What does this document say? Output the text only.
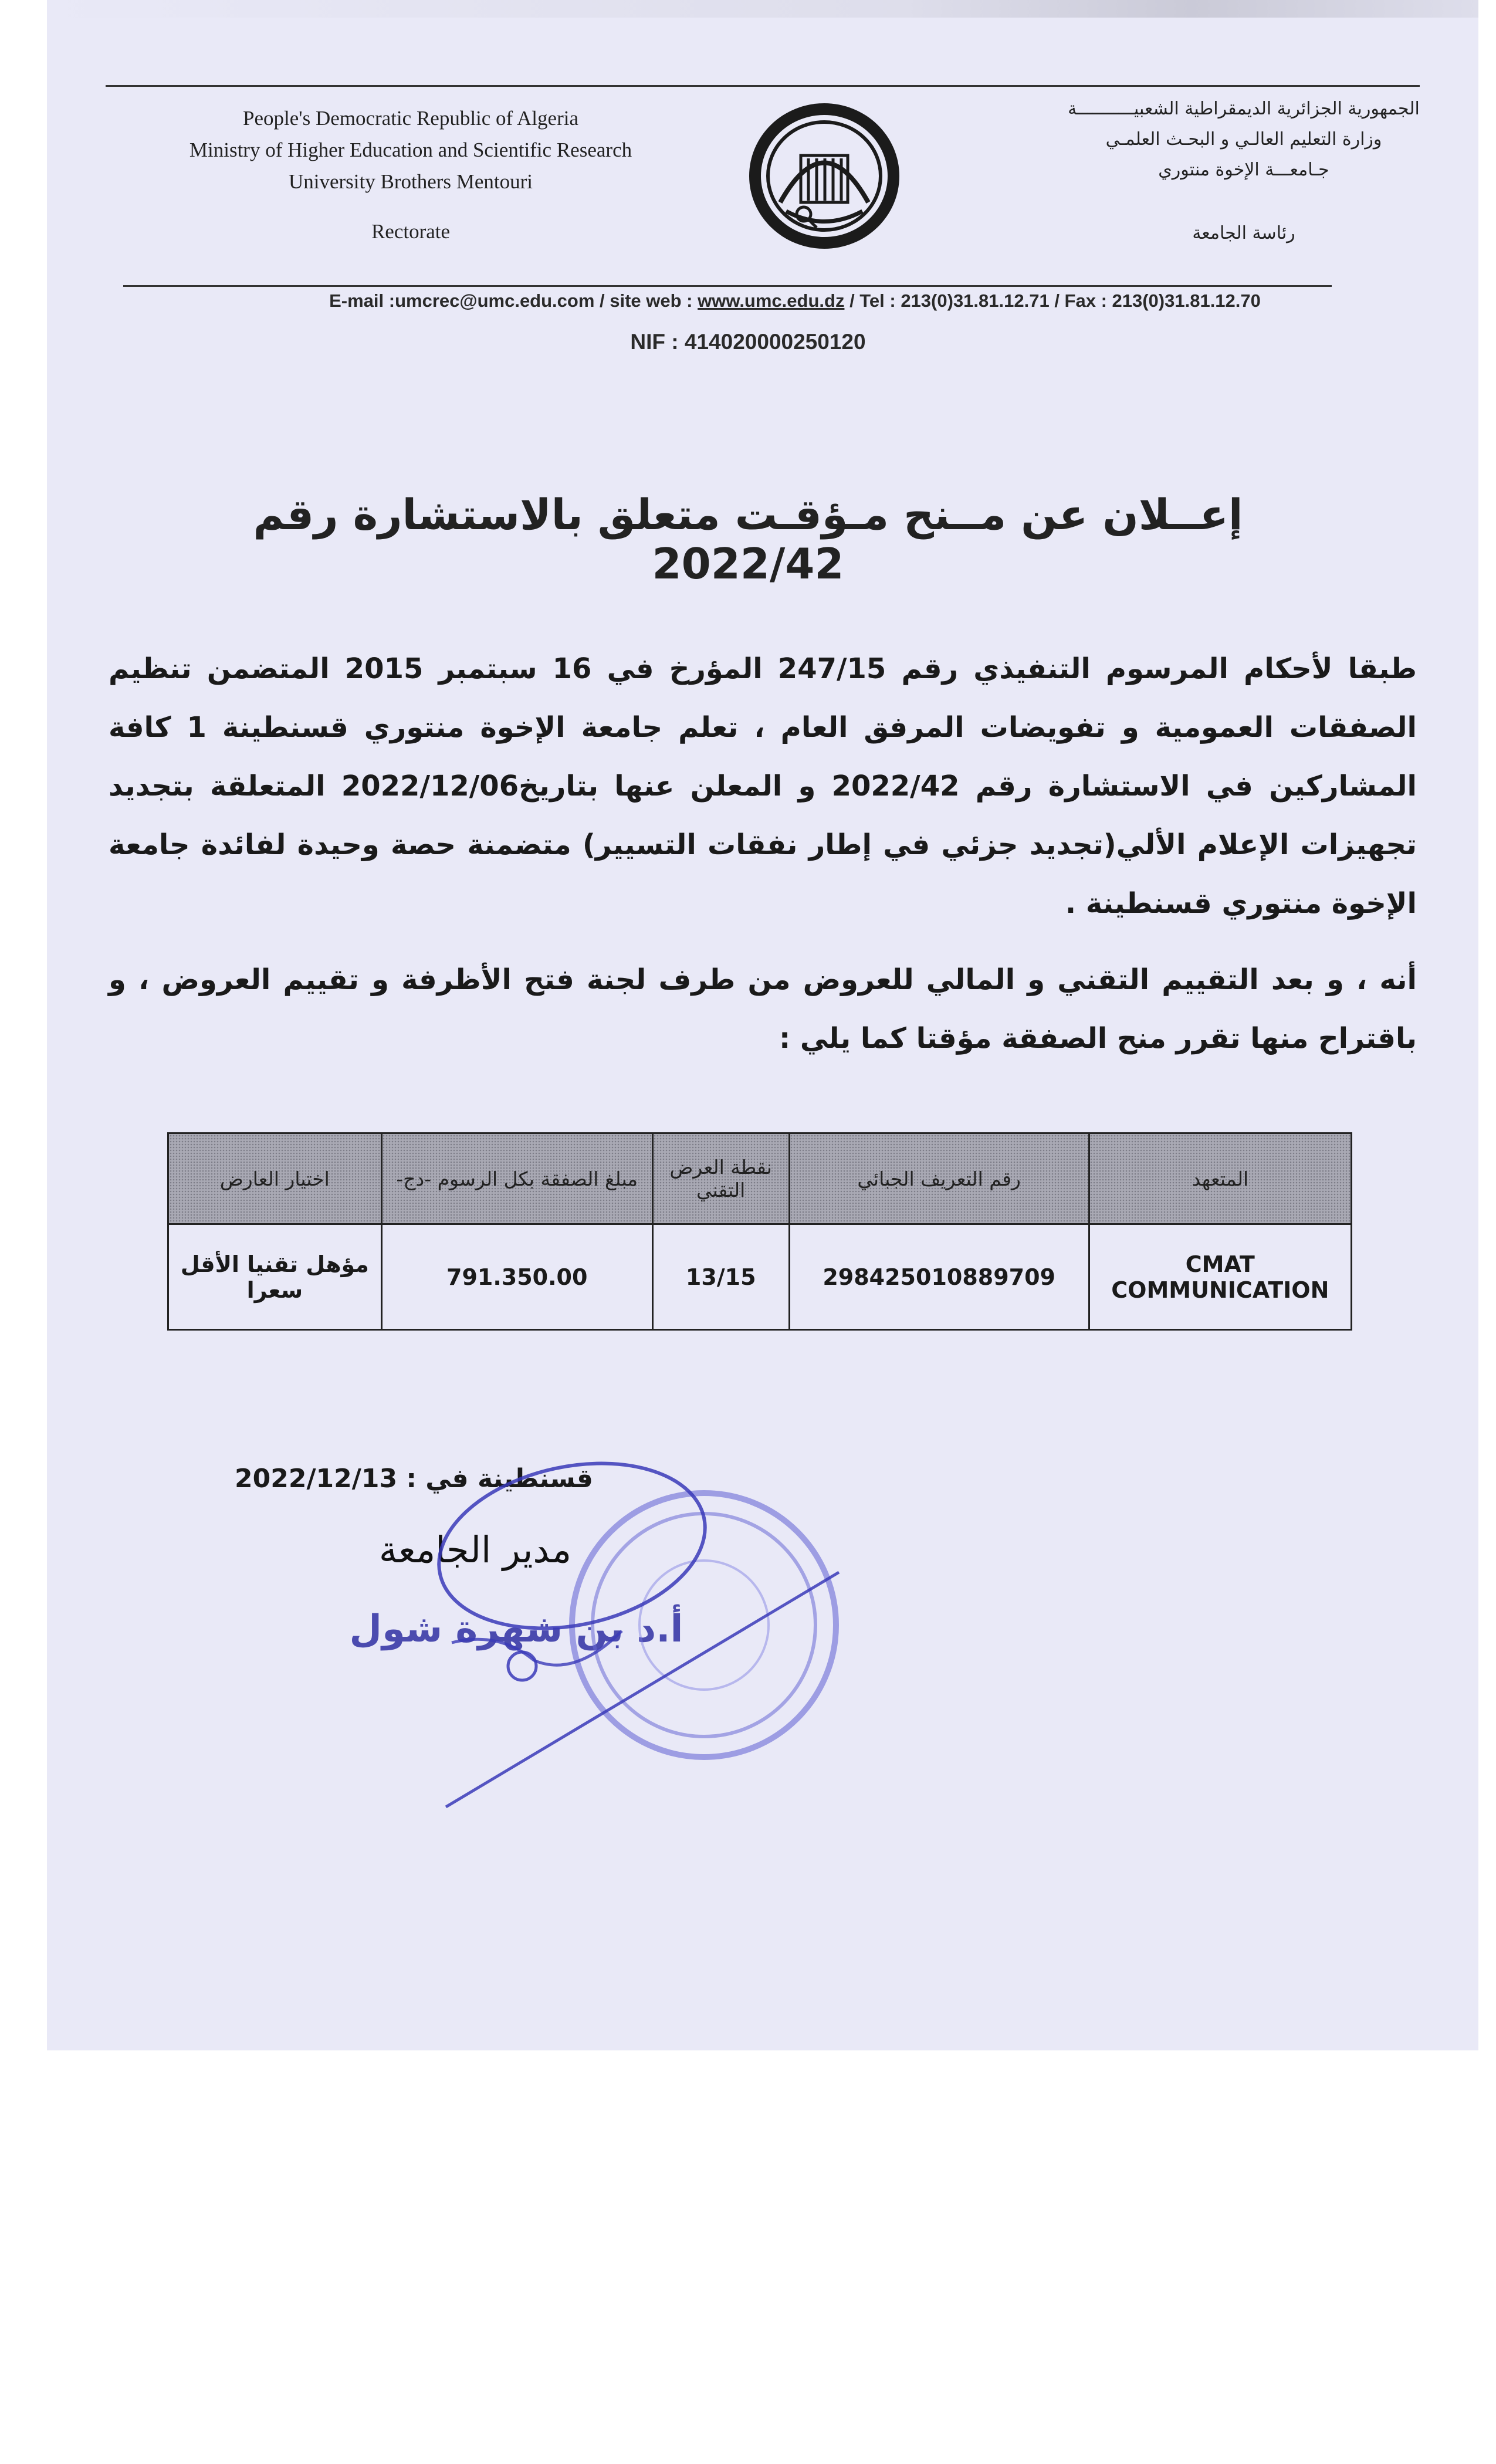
People's Democratic Republic of Algeria
Ministry of Higher Education and Scientific Research
University Brothers Mentouri
Rectorate
الجمهورية الجزائرية الديمقراطية الشعبيـــــــــــة
وزارة التعليم العالـي و البحـث العلمـي
جـامعـــة الإخوة منتوري
رئاسة الجامعة
E-mail :umcrec@umc.edu.com / site web : www.umc.edu.dz / Tel : 213(0)31.81.12.71 / Fax : 213(0)31.81.12.70
NIF : 414020000250120
إعــلان عن مــنح مـؤقـت متعلق بالاستشارة رقم 2022/42
طبقا لأحكام المرسوم التنفيذي رقم 247/15 المؤرخ في 16 سبتمبر 2015 المتضمن تنظيم الصفقات العمومية و تفويضات المرفق العام ، تعلم جامعة الإخوة منتوري قسنطينة 1 كافة المشاركين في الاستشارة رقم 2022/42 و المعلن عنها بتاريخ2022/12/06 المتعلقة بتجديد تجهيزات الإعلام الألي(تجديد جزئي في إطار نفقات التسيير) متضمنة حصة وحيدة لفائدة جامعة الإخوة منتوري قسنطينة .
أنه ، و بعد التقييم التقني و المالي للعروض من طرف لجنة فتح الأظرفة و تقييم العروض ، و باقتراح منها تقرر منح الصفقة مؤقتا كما يلي :
المتعهد	رقم التعريف الجبائي	نقطة العرض التقني	مبلغ الصفقة بكل الرسوم -دج-	اختيار العارض
CMAT COMMUNICATION	298425010889709	13/15	791.350.00	مؤهل تقنيا الأقل سعرا
قسنطينة في : 2022/12/13
مدير الجامعة
أ.د بن شهرة شول
